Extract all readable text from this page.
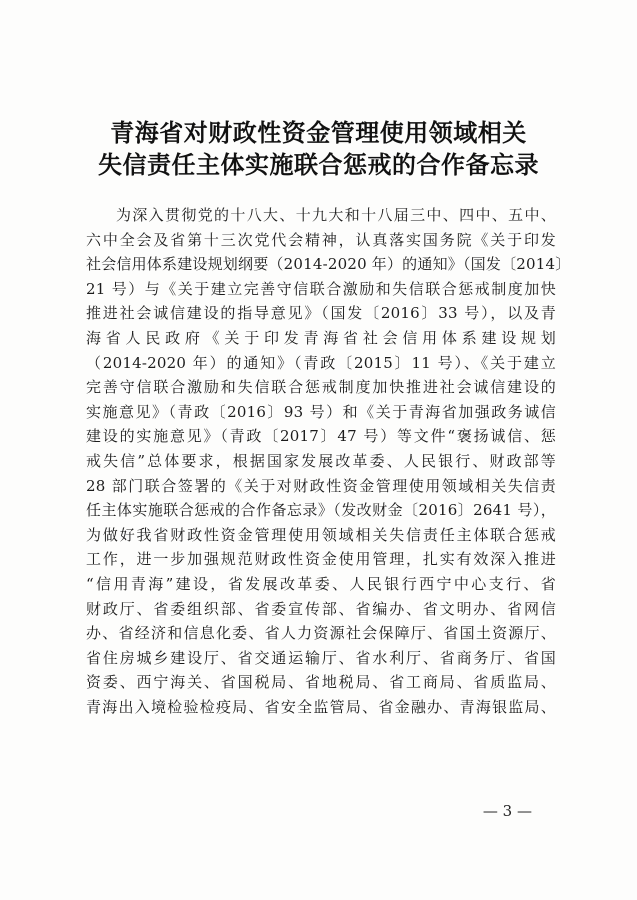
青海省对财政性资金管理使用领域相关
失信责任主体实施联合惩戒的合作备忘录
为深入贯彻党的十八大、十九大和十八届三中、四中、五中、
六中全会及省第十三次党代会精神，认真落实国务院《关于印发
社会信用体系建设规划纲要（2014-2020 年）的通知》（国发〔2014〕
21 号）与《关于建立完善守信联合激励和失信联合惩戒制度加快
推进社会诚信建设的指导意见》（国发〔2016〕33 号），以及青
海省人民政府《关于印发青海省社会信用体系建设规划
（2014-2020 年）的通知》（青政〔2015〕11 号）、《关于建立
完善守信联合激励和失信联合惩戒制度加快推进社会诚信建设的
实施意见》（青政〔2016〕93 号）和《关于青海省加强政务诚信
建设的实施意见》（青政〔2017〕47 号）等文件“褒扬诚信、惩
戒失信”总体要求，根据国家发展改革委、人民银行、财政部等
28 部门联合签署的《关于对财政性资金管理使用领域相关失信责
任主体实施联合惩戒的合作备忘录》（发改财金〔2016〕2641 号），
为做好我省财政性资金管理使用领域相关失信责任主体联合惩戒
工作，进一步加强规范财政性资金使用管理，扎实有效深入推进
“信用青海”建设，省发展改革委、人民银行西宁中心支行、省
财政厅、省委组织部、省委宣传部、省编办、省文明办、省网信
办、省经济和信息化委、省人力资源社会保障厅、省国土资源厅、
省住房城乡建设厅、省交通运输厅、省水利厅、省商务厅、省国
资委、西宁海关、省国税局、省地税局、省工商局、省质监局、
青海出入境检验检疫局、省安全监管局、省金融办、青海银监局、
— 3 —
